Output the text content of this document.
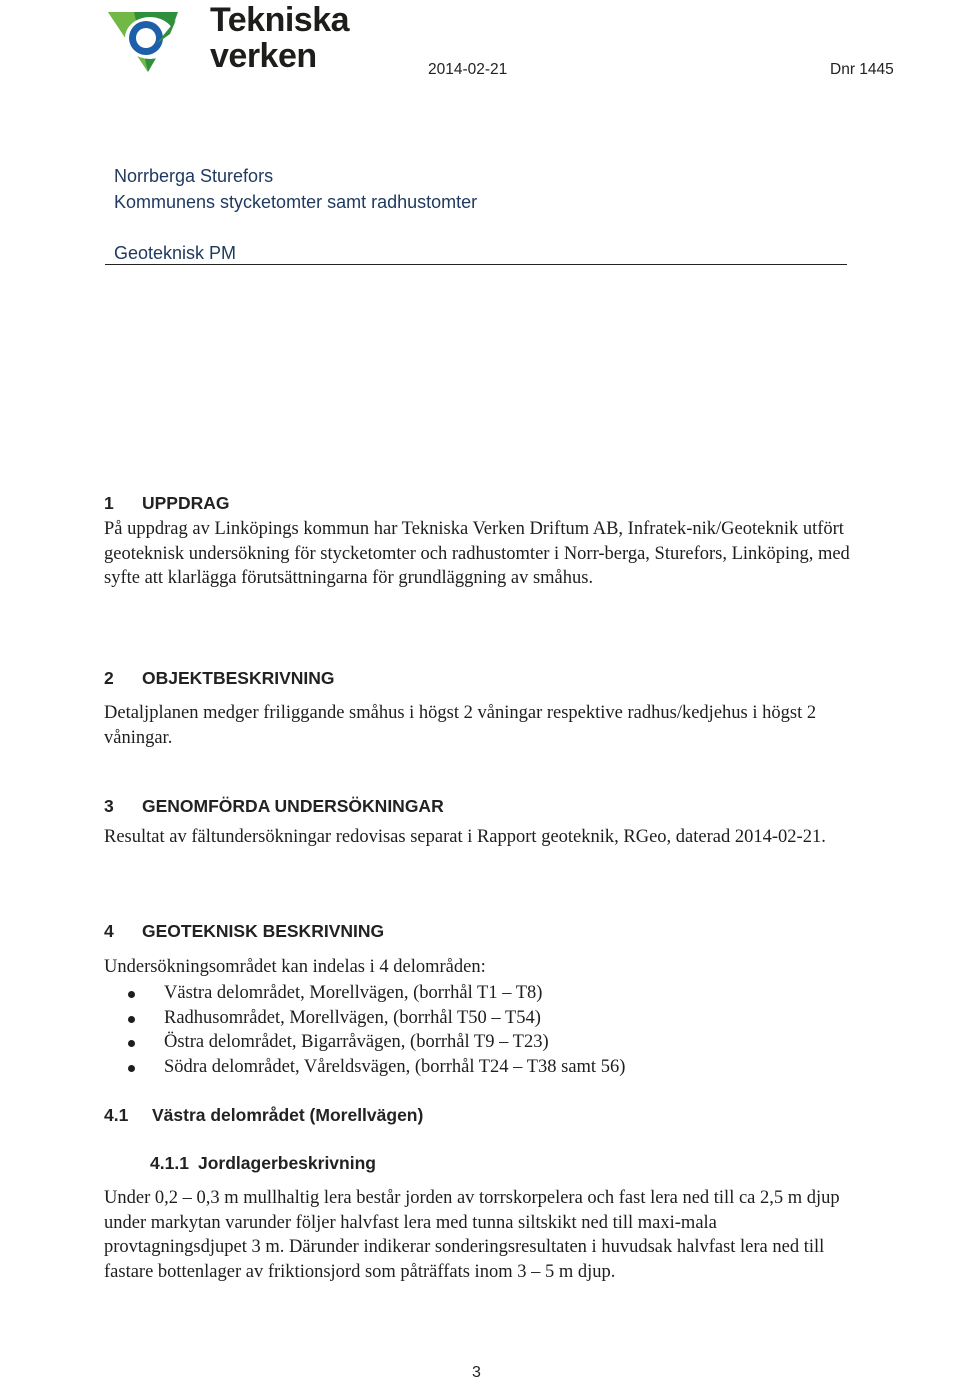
Tekniska
verken	2014-02-21	Dnr 1445
Norrberga Sturefors
Kommunens stycketomter samt radhustomter
Geoteknisk PM
1 UPPDRAG

På uppdrag av Linköpings kommun har Tekniska Verken Driftum AB, Infratek-nik/Geoteknik utfört geoteknisk undersökning för stycketomter och radhustomter i Norr-berga, Sturefors, Linköping, med syfte att klarlägga förutsättningarna för grundläggning av småhus.

2 OBJEKTBESKRIVNING

Detaljplanen medger friliggande småhus i högst 2 våningar respektive radhus/kedjehus i högst 2 våningar.

3 GENOMFÖRDA UNDERSÖKNINGAR

Resultat av fältundersökningar redovisas separat i Rapport geoteknik, RGeo, daterad 2014-02-21.

4 GEOTEKNISK BESKRIVNING

Undersökningsområdet kan indelas i 4 delområden:

Västra delområdet, Morellvägen, (borrhål T1 – T8)
Radhusområdet, Morellvägen, (borrhål T50 – T54)
Östra delområdet, Bigarråvägen, (borrhål T9 – T23)
Södra delområdet, Våreldsvägen, (borrhål T24 – T38 samt 56)
4.1 Västra delområdet (Morellvägen)
4.1.1 Jordlagerbeskrivning

Under 0,2 – 0,3 m mullhaltig lera består jorden av torrskorpelera och fast lera ned till ca 2,5 m djup under markytan varunder följer halvfast lera med tunna siltskikt ned till maxi-mala provtagningsdjupet 3 m. Därunder indikerar sonderingsresultaten i huvudsak halvfast lera ned till fastare bottenlager av friktionsjord som påträffats inom 3 – 5 m djup.

3
